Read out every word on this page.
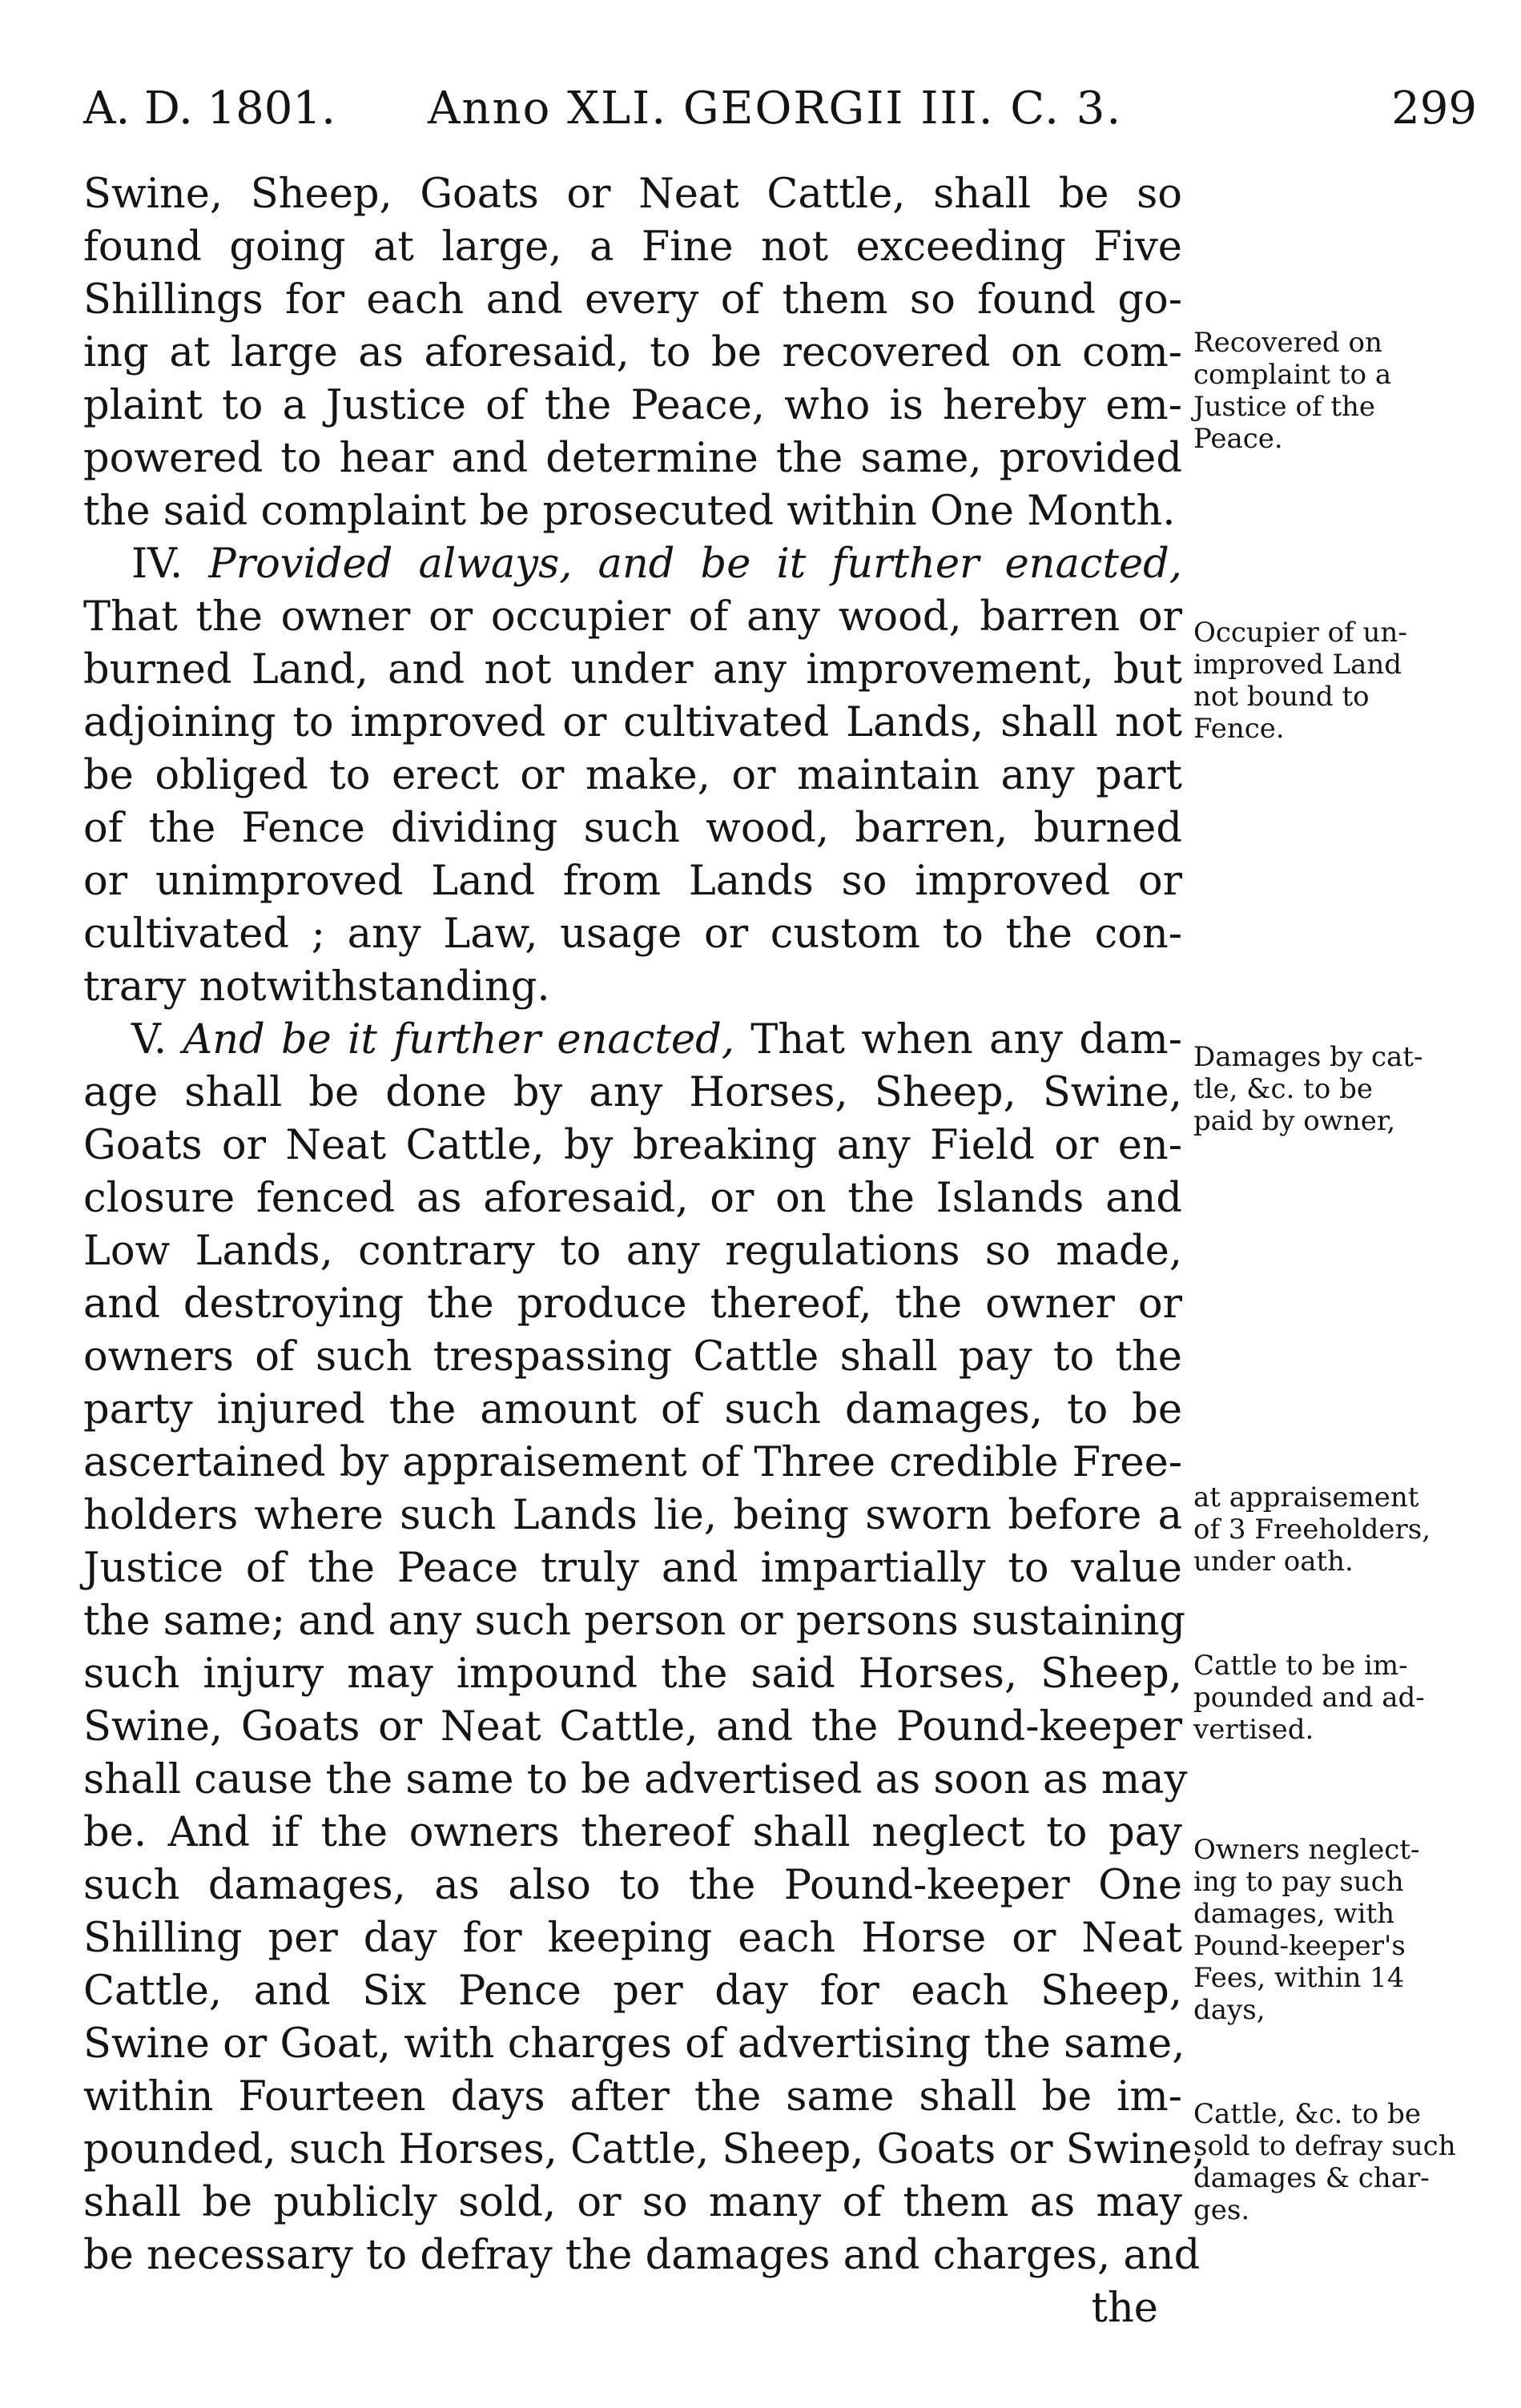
A. D. 1801. Anno XLI. GEORGII III. C. 3.	299
Swine, Sheep, Goats or Neat Cattle, shall be so
found going at large, a Fine not exceeding Five
Shillings for each and every of them so found go-
ing at large as aforesaid, to be recovered on com-
plaint to a Justice of the Peace, who is hereby em-
powered to hear and determine the same, provided
the said complaint be prosecuted within One Month.
IV. Provided always, and be it further enacted,
That the owner or occupier of any wood, barren or
burned Land, and not under any improvement, but
adjoining to improved or cultivated Lands, shall not
be obliged to erect or make, or maintain any part
of the Fence dividing such wood, barren, burned
or unimproved Land from Lands so improved or
cultivated ; any Law, usage or custom to the con-
trary notwithstanding.
V. And be it further enacted, That when any dam-
age shall be done by any Horses, Sheep, Swine,
Goats or Neat Cattle, by breaking any Field or en-
closure fenced as aforesaid, or on the Islands and
Low Lands, contrary to any regulations so made,
and destroying the produce thereof, the owner or
owners of such trespassing Cattle shall pay to the
party injured the amount of such damages, to be
ascertained by appraisement of Three credible Free-
holders where such Lands lie, being sworn before a
Justice of the Peace truly and impartially to value
the same; and any such person or persons sustaining
such injury may impound the said Horses, Sheep,
Swine, Goats or Neat Cattle, and the Pound-keeper
shall cause the same to be advertised as soon as may
be. And if the owners thereof shall neglect to pay
such damages, as also to the Pound-keeper One
Shilling per day for keeping each Horse or Neat
Cattle, and Six Pence per day for each Sheep,
Swine or Goat, with charges of advertising the same,
within Fourteen days after the same shall be im-
pounded, such Horses, Cattle, Sheep, Goats or Swine,
shall be publicly sold, or so many of them as may
be necessary to defray the damages and charges, and
the
Recovered on
complaint to a
Justice of the
Peace.
Occupier of un-
improved Land
not bound to
Fence.
Damages by cat-
tle, &c. to be
paid by owner,
at appraisement
of 3 Freeholders,
under oath.
Cattle to be im-
pounded and ad-
vertised.
Owners neglect-
ing to pay such
damages, with
Pound-keeper's
Fees, within 14
days,
Cattle, &c. to be
sold to defray such
damages & char-
ges.
